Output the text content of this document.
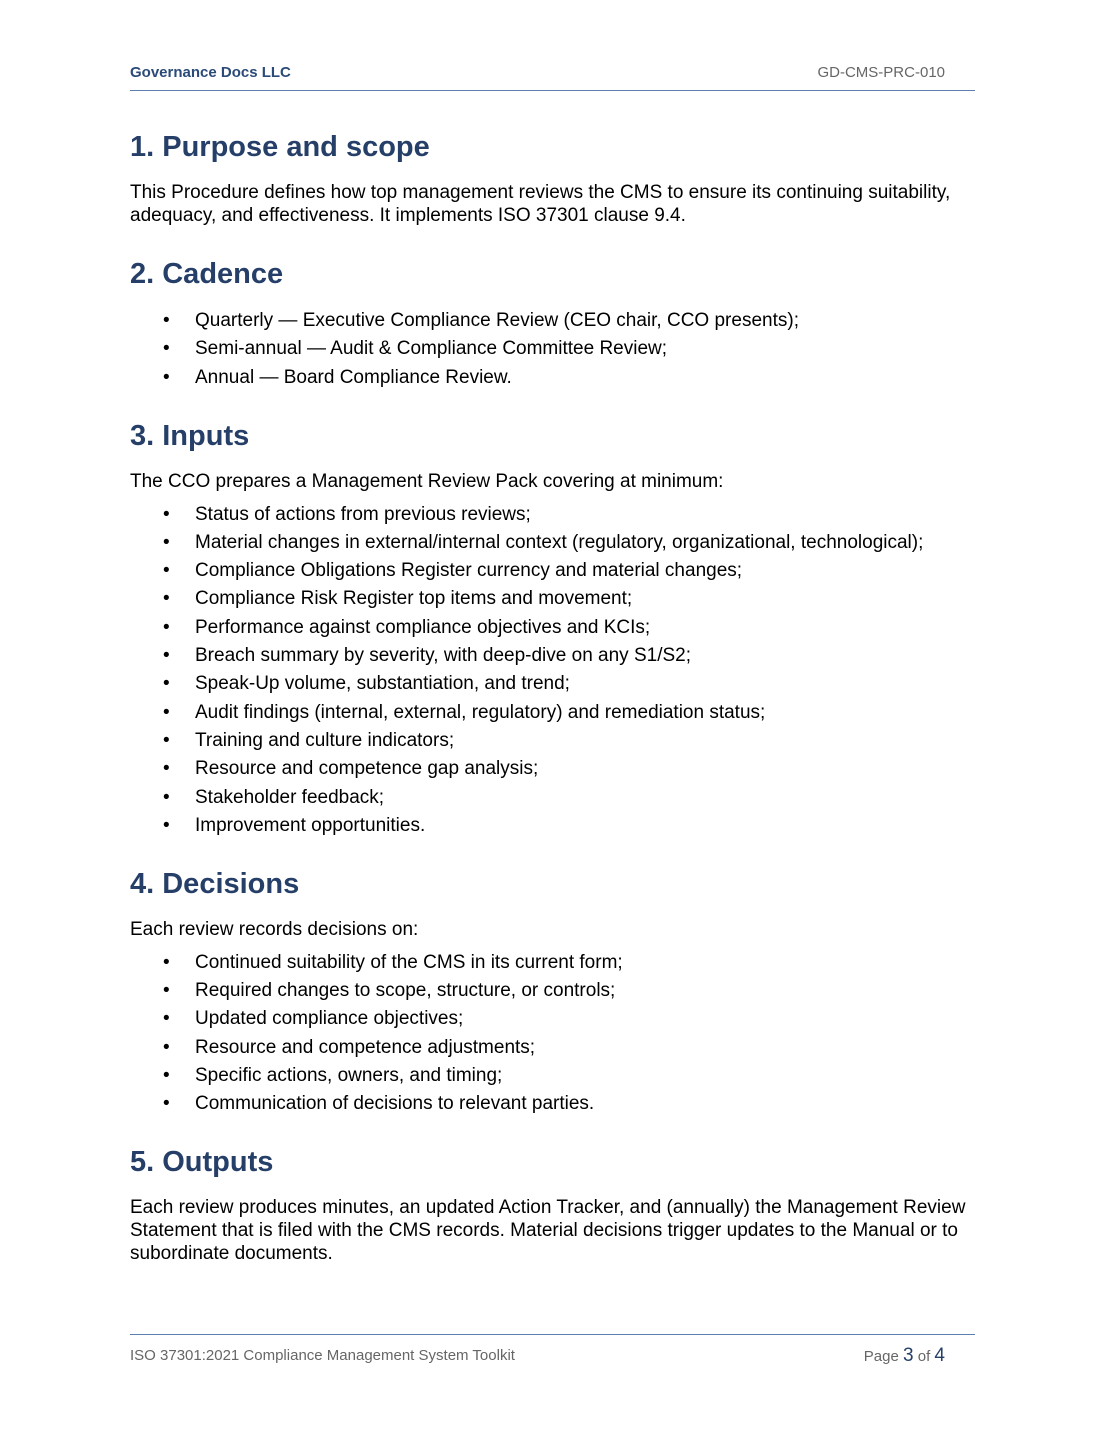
Governance Docs LLC	GD-CMS-PRC-010
1. Purpose and scope

This Procedure defines how top management reviews the CMS to ensure its continuing suitability, adequacy, and effectiveness. It implements ISO 37301 clause 9.4.

2. Cadence
• Quarterly — Executive Compliance Review (CEO chair, CCO presents);
• Semi-annual — Audit & Compliance Committee Review;
• Annual — Board Compliance Review.
3. Inputs

The CCO prepares a Management Review Pack covering at minimum:

• Status of actions from previous reviews;
• Material changes in external/internal context (regulatory, organizational, technological);
• Compliance Obligations Register currency and material changes;
• Compliance Risk Register top items and movement;
• Performance against compliance objectives and KCIs;
• Breach summary by severity, with deep-dive on any S1/S2;
• Speak-Up volume, substantiation, and trend;
• Audit findings (internal, external, regulatory) and remediation status;
• Training and culture indicators;
• Resource and competence gap analysis;
• Stakeholder feedback;
• Improvement opportunities.
4. Decisions

Each review records decisions on:

• Continued suitability of the CMS in its current form;
• Required changes to scope, structure, or controls;
• Updated compliance objectives;
• Resource and competence adjustments;
• Specific actions, owners, and timing;
• Communication of decisions to relevant parties.
5. Outputs

Each review produces minutes, an updated Action Tracker, and (annually) the Management Review Statement that is filed with the CMS records. Material decisions trigger updates to the Manual or to subordinate documents.

ISO 37301:2021 Compliance Management System Toolkit	Page 3 of 4
